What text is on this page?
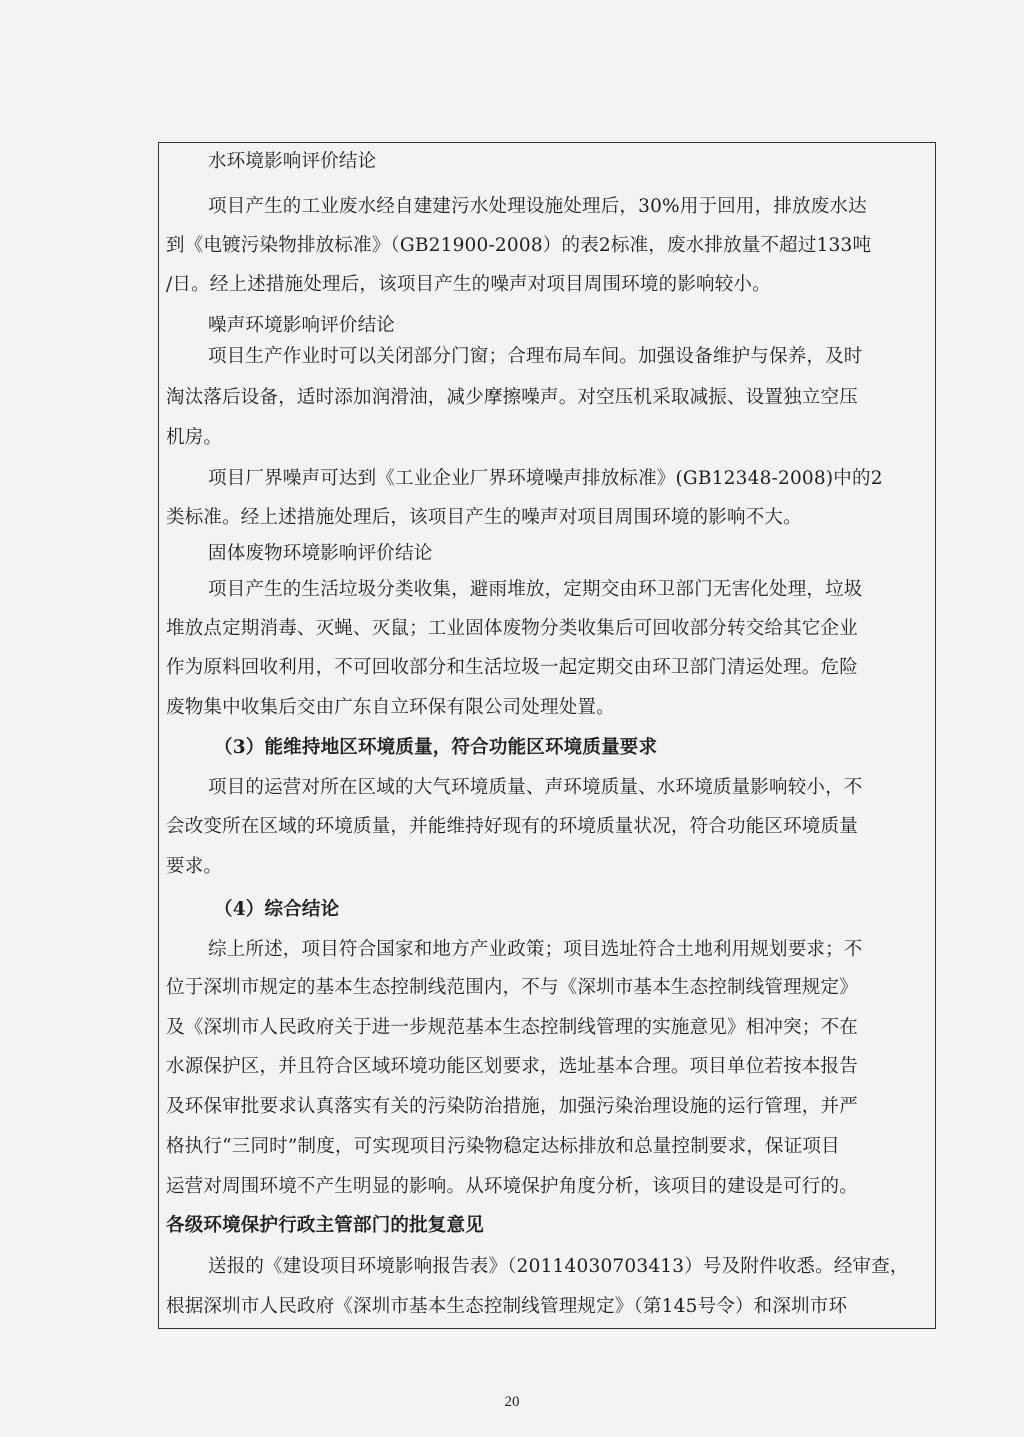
水环境影响评价结论
项目产生的工业废水经自建建污水处理设施处理后，30%用于回用，排放废水达
到《电镀污染物排放标准》（GB21900-2008）的表2标准，废水排放量不超过133吨
/日。经上述措施处理后，该项目产生的噪声对项目周围环境的影响较小。
噪声环境影响评价结论
项目生产作业时可以关闭部分门窗；合理布局车间。加强设备维护与保养，及时
淘汰落后设备，适时添加润滑油，减少摩擦噪声。对空压机采取减振、设置独立空压
机房。
项目厂界噪声可达到《工业企业厂界环境噪声排放标准》(GB12348-2008)中的2
类标准。经上述措施处理后，该项目产生的噪声对项目周围环境的影响不大。
固体废物环境影响评价结论
项目产生的生活垃圾分类收集，避雨堆放，定期交由环卫部门无害化处理，垃圾
堆放点定期消毒、灭蝇、灭鼠；工业固体废物分类收集后可回收部分转交给其它企业
作为原料回收利用，不可回收部分和生活垃圾一起定期交由环卫部门清运处理。危险
废物集中收集后交由广东自立环保有限公司处理处置。
（3）能维持地区环境质量，符合功能区环境质量要求
项目的运营对所在区域的大气环境质量、声环境质量、水环境质量影响较小，不
会改变所在区域的环境质量，并能维持好现有的环境质量状况，符合功能区环境质量
要求。
（4）综合结论
综上所述，项目符合国家和地方产业政策；项目选址符合土地利用规划要求；不
位于深圳市规定的基本生态控制线范围内，不与《深圳市基本生态控制线管理规定》
及《深圳市人民政府关于进一步规范基本生态控制线管理的实施意见》相冲突；不在
水源保护区，并且符合区域环境功能区划要求，选址基本合理。项目单位若按本报告
及环保审批要求认真落实有关的污染防治措施，加强污染治理设施的运行管理，并严
格执行“三同时”制度，可实现项目污染物稳定达标排放和总量控制要求，保证项目
运营对周围环境不产生明显的影响。从环境保护角度分析，该项目的建设是可行的。
各级环境保护行政主管部门的批复意见
送报的《建设项目环境影响报告表》（20114030703413）号及附件收悉。经审查，
根据深圳市人民政府《深圳市基本生态控制线管理规定》（第145号令）和深圳市环
20
